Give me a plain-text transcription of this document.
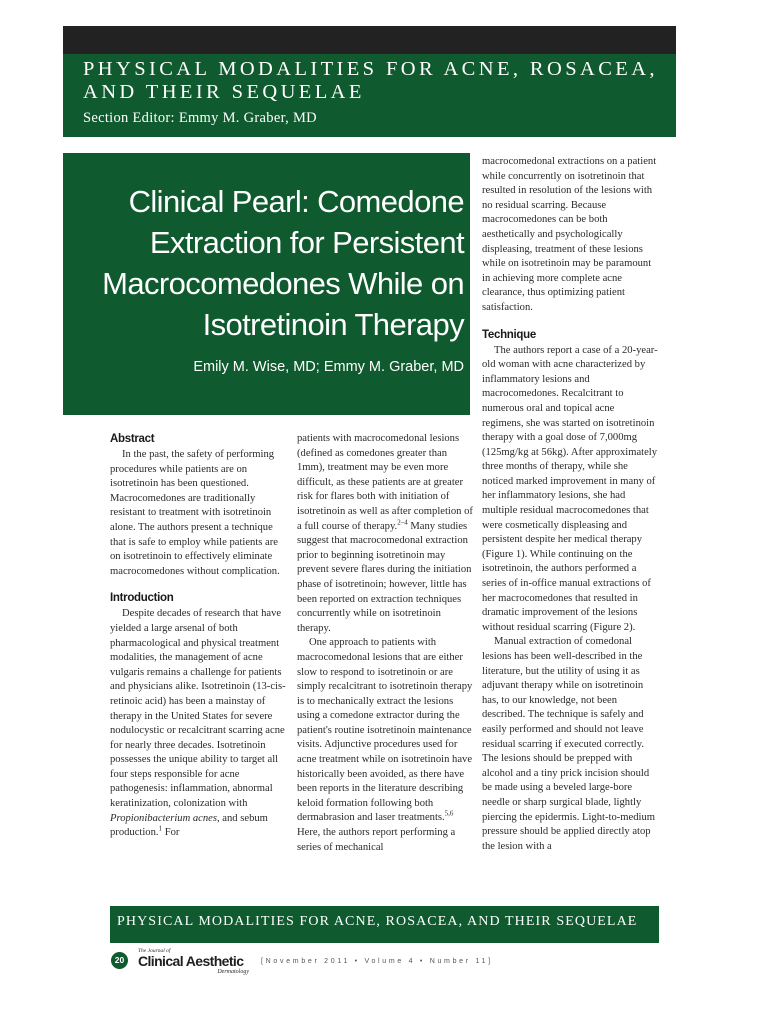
PHYSICAL MODALITIES FOR ACNE, ROSACEA, AND THEIR SEQUELAE

Section Editor: Emmy M. Graber, MD

Clinical Pearl: Comedone Extraction for Persistent Macrocomedones While on Isotretinoin Therapy

Emily M. Wise, MD; Emmy M. Graber, MD

Abstract

In the past, the safety of performing procedures while patients are on isotretinoin has been questioned. Macrocomedones are traditionally resistant to treatment with isotretinoin alone. The authors present a technique that is safe to employ while patients are on isotretinoin to effectively eliminate macrocomedones without complication.

Introduction

Despite decades of research that have yielded a large arsenal of both pharmacological and physical treatment modalities, the management of acne vulgaris remains a challenge for patients and physicians alike. Isotretinoin (13-cis-retinoic acid) has been a mainstay of therapy in the United States for severe nodulocystic or recalcitrant scarring acne for nearly three decades. Isotretinoin possesses the unique ability to target all four steps responsible for acne pathogenesis: inflammation, abnormal keratinization, colonization with Propionibacterium acnes, and sebum production.$^1$ For

patients with macrocomedonal lesions (defined as comedones greater than 1mm), treatment may be even more difficult, as these patients are at greater risk for flares both with initiation of isotretinoin as well as after completion of a full course of therapy.$^{2-4}$ Many studies suggest that macrocomedonal extraction prior to beginning isotretinoin may prevent severe flares during the initiation phase of isotretinoin; however, little has been reported on extraction techniques concurrently while on isotretinoin therapy.

One approach to patients with macrocomedonal lesions that are either slow to respond to isotretinoin or are simply recalcitrant to isotretinoin therapy is to mechanically extract the lesions using a comedone extractor during the patient's routine isotretinoin maintenance visits. Adjunctive procedures used for acne treatment while on isotretinoin have historically been avoided, as there have been reports in the literature describing keloid formation following both dermabrasion and laser treatments.$^{5,6}$ Here, the authors report performing a series of mechanical

macrocomedonal extractions on a patient while concurrently on isotretinoin that resulted in resolution of the lesions with no residual scarring. Because macrocomedones can be both aesthetically and psychologically displeasing, treatment of these lesions while on isotretinoin may be paramount in achieving more complete acne clearance, thus optimizing patient satisfaction.

Technique

The authors report a case of a 20-year-old woman with acne characterized by inflammatory lesions and macrocomedones. Recalcitrant to numerous oral and topical acne regimens, she was started on isotretinoin therapy with a goal dose of 7,000mg (125mg/kg at 56kg). After approximately three months of therapy, while she noticed marked improvement in many of her inflammatory lesions, she had multiple residual macrocomedones that were cosmetically displeasing and persistent despite her medical therapy (Figure 1). While continuing on the isotretinoin, the authors performed a series of in-office manual extractions of her macrocomedones that resulted in dramatic improvement of the lesions without residual scarring (Figure 2).

Manual extraction of comedonal lesions has been well-described in the literature, but the utility of using it as adjuvant therapy while on isotretinoin has, to our knowledge, not been described. The technique is safely and easily performed and should not leave residual scarring if executed correctly. The lesions should be prepped with alcohol and a tiny prick incision should be made using a beveled large-bore needle or sharp surgical blade, lightly piercing the epidermis. Light-to-medium pressure should be applied directly atop the lesion with a

PHYSICAL MODALITIES FOR ACNE, ROSACEA, AND THEIR SEQUELAE

20
The Journal of
Clinical Aesthetic
Dermatology
[November 2011 • Volume 4 • Number 11]
